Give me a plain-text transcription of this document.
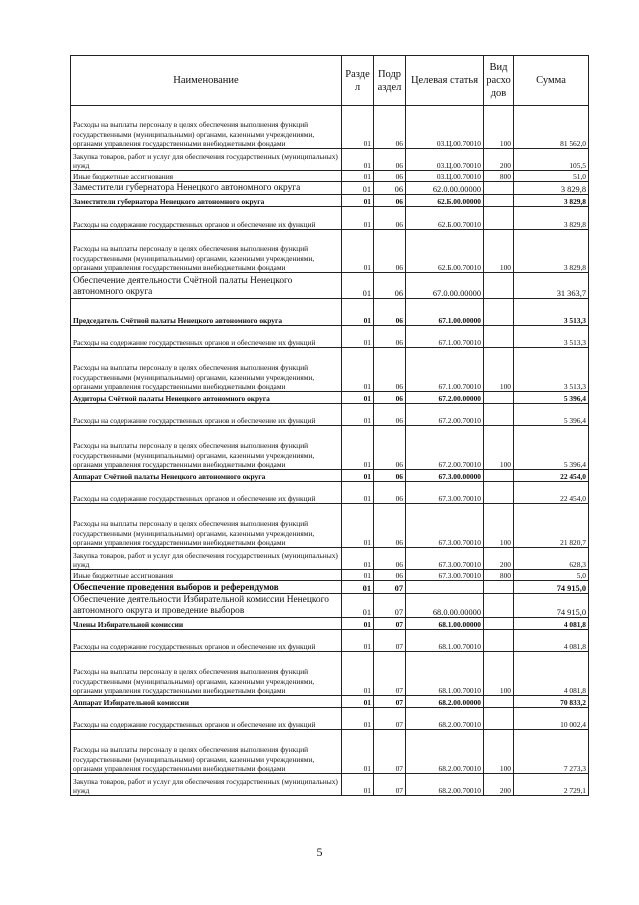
Наименование	Разде л	Подр аздел	Целевая статья	Вид расхо дов	Сумма
Расходы на выплаты персоналу в целях обеспечения выполнения функций государственными (муниципальными) органами, казенными учреждениями, органами управления государственными внебюджетными фондами	01	06	03.Ц.00.70010	100	81 562,0
Закупка товаров, работ и услуг для обеспечения государственных (муниципальных) нужд	01	06	03.Ц.00.70010	200	105,5
Иные бюджетные ассигнования	01	06	03.Ц.00.70010	800	51,0
Заместители губернатора Ненецкого автономного округа	01	06	62.0.00.00000		3 829,8
Заместители губернатора Ненецкого автономного округа	01	06	62.Б.00.00000		3 829,8
Расходы на содержание государственных органов и обеспечение их функций	01	06	62.Б.00.70010		3 829,8
Расходы на выплаты персоналу в целях обеспечения выполнения функций государственными (муниципальными) органами, казенными учреждениями, органами управления государственными внебюджетными фондами	01	06	62.Б.00.70010	100	3 829,8
Обеспечение деятельности Счётной палаты Ненецкого автономного округа	01	06	67.0.00.00000		31 363,7
Председатель Счётной палаты Ненецкого автономного округа	01	06	67.1.00.00000		3 513,3
Расходы на содержание государственных органов и обеспечение их функций	01	06	67.1.00.70010		3 513,3
Расходы на выплаты персоналу в целях обеспечения выполнения функций государственными (муниципальными) органами, казенными учреждениями, органами управления государственными внебюджетными фондами	01	06	67.1.00.70010	100	3 513,3
Аудиторы Счётной палаты Ненецкого автономного округа	01	06	67.2.00.00000		5 396,4
Расходы на содержание государственных органов и обеспечение их функций	01	06	67.2.00.70010		5 396,4
Расходы на выплаты персоналу в целях обеспечения выполнения функций государственными (муниципальными) органами, казенными учреждениями, органами управления государственными внебюджетными фондами	01	06	67.2.00.70010	100	5 396,4
Аппарат Счётной палаты Ненецкого автономного округа	01	06	67.3.00.00000		22 454,0
Расходы на содержание государственных органов и обеспечение их функций	01	06	67.3.00.70010		22 454,0
Расходы на выплаты персоналу в целях обеспечения выполнения функций государственными (муниципальными) органами, казенными учреждениями, органами управления государственными внебюджетными фондами	01	06	67.3.00.70010	100	21 820,7
Закупка товаров, работ и услуг для обеспечения государственных (муниципальных) нужд	01	06	67.3.00.70010	200	628,3
Иные бюджетные ассигнования	01	06	67.3.00.70010	800	5,0
Обеспечение проведения выборов и референдумов	01	07			74 915,0
Обеспечение деятельности Избирательной комиссии Ненецкого автономного округа и проведение выборов	01	07	68.0.00.00000		74 915,0
Члены Избирательной комиссии	01	07	68.1.00.00000		4 081,8
Расходы на содержание государственных органов и обеспечение их функций	01	07	68.1.00.70010		4 081,8
Расходы на выплаты персоналу в целях обеспечения выполнения функций государственными (муниципальными) органами, казенными учреждениями, органами управления государственными внебюджетными фондами	01	07	68.1.00.70010	100	4 081,8
Аппарат Избирательной комиссии	01	07	68.2.00.00000		70 833,2
Расходы на содержание государственных органов и обеспечение их функций	01	07	68.2.00.70010		10 002,4
Расходы на выплаты персоналу в целях обеспечения выполнения функций государственными (муниципальными) органами, казенными учреждениями, органами управления государственными внебюджетными фондами	01	07	68.2.00.70010	100	7 273,3
Закупка товаров, работ и услуг для обеспечения государственных (муниципальных) нужд	01	07	68.2.00.70010	200	2 729,1
5
